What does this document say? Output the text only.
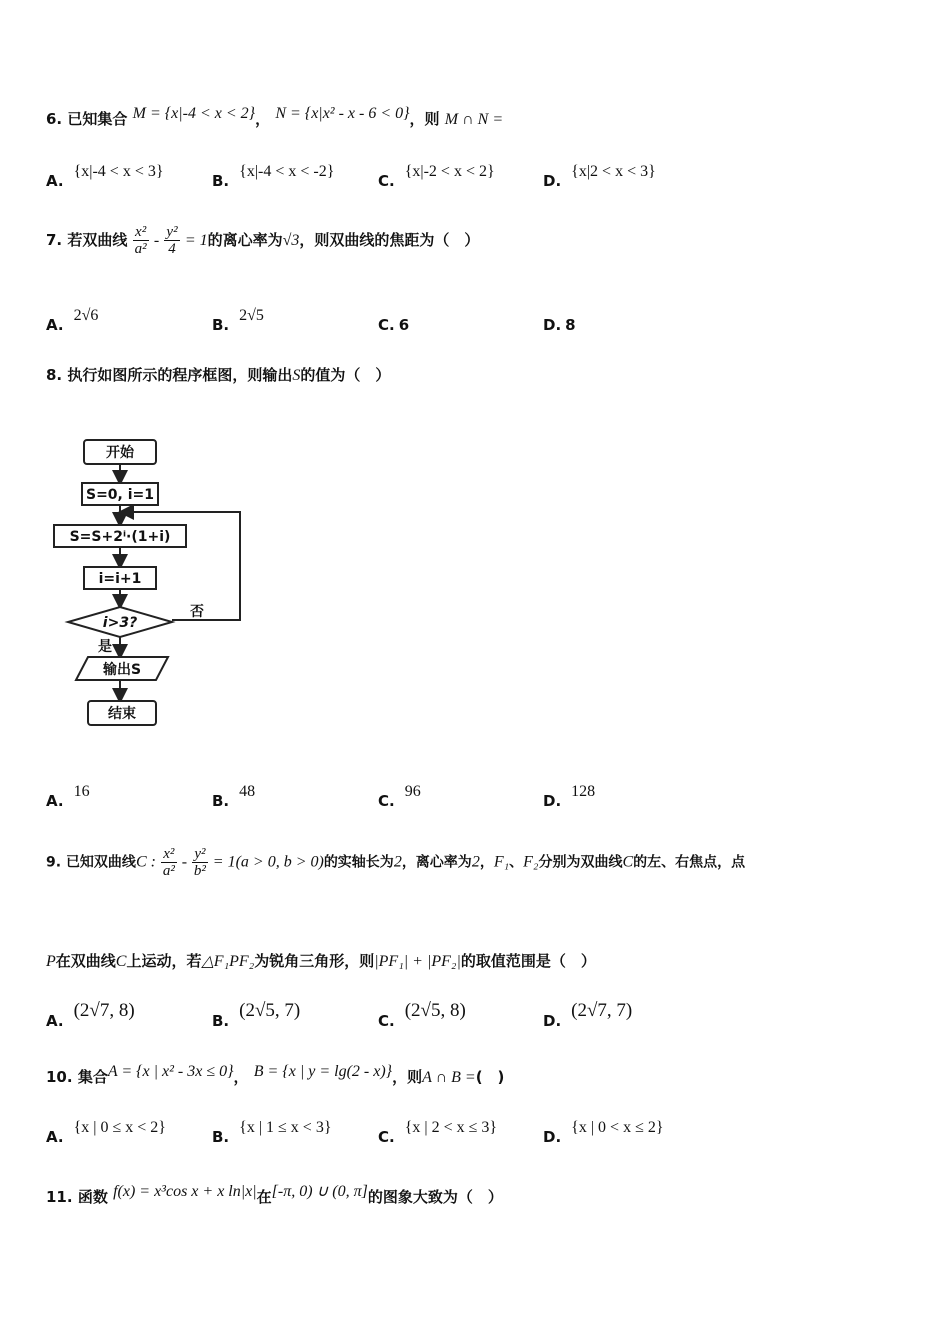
6. 已知集合 M = {x|-4 < x < 2}， N = {x|x² - x - 6 < 0}，则 M ∩ N =
A.{x|-4 < x < 3}
B.{x|-4 < x < -2}
C.{x|-2 < x < 2}
D.{x|2 < x < 3}
7. 若双曲线 $\frac{\text{x²}}{\text{a²}} - \frac{\text{y²}}{4} = 1$的离心率为√3，则双曲线的焦距为（　）
A.2√6
B.2√5
C. 6	D. 8
8. 执行如图所示的程序框图，则输出S的值为（　）
开始
S=0, i=1
S=S+2ⁱ·(1+i)
i=i+1
i>3?
否
是
输出S
结束
A.16
B.48
C.96
D.128
9. 已知双曲线C : $\frac{\text{x²}}{\text{a²}} - \frac{\text{y²}}{\text{b²}} = 1(a > 0$, b > 0)的实轴长为2，离心率为2，F₁、F₂分别为双曲线C的左、右焦点，点
P在双曲线C上运动，若△F₁PF₂为锐角三角形，则|PF₁| + |PF₂|的取值范围是（　）
A. (2√7, 8)	B. (2√5, 7)	C. (2√5, 8)	D. (2√7, 7)
10. 集合A = {x | x² - 3x ≤ 0}， B = {x | y = lg(2 - x)}，则A ∩ B =(　)
A.{x | 0 ≤ x < 2}
B.{x | 1 ≤ x < 3}
C.{x | 2 < x ≤ 3}
D.{x | 0 < x ≤ 2}
11. 函数 f(x) = x³cos x + x ln|x|在[-π, 0) ∪ (0, π]的图象大致为（　）
